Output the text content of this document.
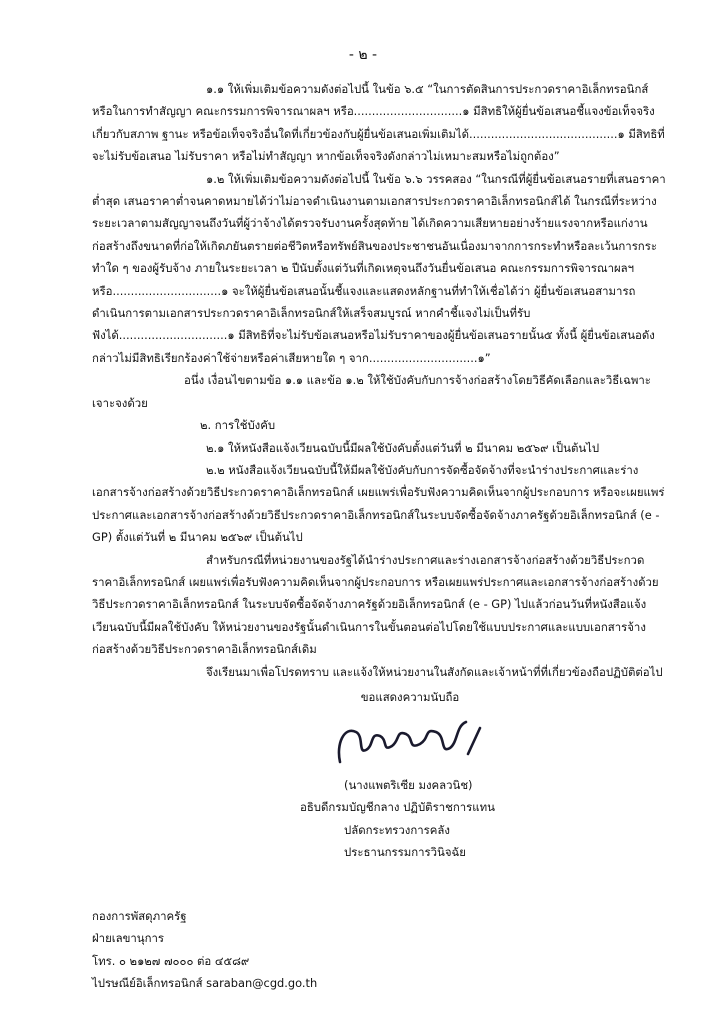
- ๒ -

๑.๑ ให้เพิ่มเติมข้อความดังต่อไปนี้ ในข้อ ๖.๕ “ในการตัดสินการประกวดราคาอิเล็กทรอนิกส์ หรือในการทำสัญญา คณะกรรมการพิจารณาผลฯ หรือ..............................๑ มีสิทธิให้ผู้ยื่นข้อเสนอชี้แจงข้อเท็จจริงเกี่ยวกับสภาพ ฐานะ หรือข้อเท็จจริงอื่นใดที่เกี่ยวข้องกับผู้ยื่นข้อเสนอเพิ่มเติมได้.........................................๑ มีสิทธิที่จะไม่รับข้อเสนอ ไม่รับราคา หรือไม่ทำสัญญา หากข้อเท็จจริงดังกล่าวไม่เหมาะสมหรือไม่ถูกต้อง”

๑.๒ ให้เพิ่มเติมข้อความดังต่อไปนี้ ในข้อ ๖.๖ วรรคสอง “ในกรณีที่ผู้ยื่นข้อเสนอรายที่เสนอราคาต่ำสุด เสนอราคาต่ำจนคาดหมายได้ว่าไม่อาจดำเนินงานตามเอกสารประกวดราคาอิเล็กทรอนิกส์ได้ ในกรณีที่ระหว่างระยะเวลาตามสัญญาจนถึงวันที่ผู้ว่าจ้างได้ตรวจรับงานครั้งสุดท้าย ได้เกิดความเสียหายอย่างร้ายแรงจากหรือแก่งานก่อสร้างถึงขนาดที่ก่อให้เกิดภยันตรายต่อชีวิตหรือทรัพย์สินของประชาชนอันเนื่องมาจากการกระทำหรือละเว้นการกระทำใด ๆ ของผู้รับจ้าง ภายในระยะเวลา ๒ ปีนับตั้งแต่วันที่เกิดเหตุจนถึงวันยื่นข้อเสนอ คณะกรรมการพิจารณาผลฯ หรือ..............................๑ จะให้ผู้ยื่นข้อเสนอนั้นชี้แจงและแสดงหลักฐานที่ทำให้เชื่อได้ว่า ผู้ยื่นข้อเสนอสามารถดำเนินการตามเอกสารประกวดราคาอิเล็กทรอนิกส์ให้เสร็จสมบูรณ์ หากคำชี้แจงไม่เป็นที่รับฟังได้..............................๑ มีสิทธิที่จะไม่รับข้อเสนอหรือไม่รับราคาของผู้ยื่นข้อเสนอรายนั้น๕ ทั้งนี้ ผู้ยื่นข้อเสนอดังกล่าวไม่มีสิทธิเรียกร้องค่าใช้จ่ายหรือค่าเสียหายใด ๆ จาก..............................๑”

อนึ่ง เงื่อนไขตามข้อ ๑.๑ และข้อ ๑.๒ ให้ใช้บังคับกับการจ้างก่อสร้างโดยวิธีคัดเลือกและวิธีเฉพาะเจาะจงด้วย

๒. การใช้บังคับ

๒.๑ ให้หนังสือแจ้งเวียนฉบับนี้มีผลใช้บังคับตั้งแต่วันที่ ๒ มีนาคม ๒๕๖๙ เป็นต้นไป

๒.๒ หนังสือแจ้งเวียนฉบับนี้ให้มีผลใช้บังคับกับการจัดซื้อจัดจ้างที่จะนำร่างประกาศและร่างเอกสารจ้างก่อสร้างด้วยวิธีประกวดราคาอิเล็กทรอนิกส์ เผยแพร่เพื่อรับฟังความคิดเห็นจากผู้ประกอบการ หรือจะเผยแพร่ประกาศและเอกสารจ้างก่อสร้างด้วยวิธีประกวดราคาอิเล็กทรอนิกส์ในระบบจัดซื้อจัดจ้างภาครัฐด้วยอิเล็กทรอนิกส์ (e - GP) ตั้งแต่วันที่ ๒ มีนาคม ๒๕๖๙ เป็นต้นไป

สำหรับกรณีที่หน่วยงานของรัฐได้นำร่างประกาศและร่างเอกสารจ้างก่อสร้างด้วยวิธีประกวดราคาอิเล็กทรอนิกส์ เผยแพร่เพื่อรับฟังความคิดเห็นจากผู้ประกอบการ หรือเผยแพร่ประกาศและเอกสารจ้างก่อสร้างด้วยวิธีประกวดราคาอิเล็กทรอนิกส์ ในระบบจัดซื้อจัดจ้างภาครัฐด้วยอิเล็กทรอนิกส์ (e - GP) ไปแล้วก่อนวันที่หนังสือแจ้งเวียนฉบับนี้มีผลใช้บังคับ ให้หน่วยงานของรัฐนั้นดำเนินการในขั้นตอนต่อไปโดยใช้แบบประกาศและแบบเอกสารจ้างก่อสร้างด้วยวิธีประกวดราคาอิเล็กทรอนิกส์เดิม

จึงเรียนมาเพื่อโปรดทราบ และแจ้งให้หน่วยงานในสังกัดและเจ้าหน้าที่ที่เกี่ยวข้องถือปฏิบัติต่อไป

ขอแสดงความนับถือ

(นางแพตริเซีย มงคลวนิช)

อธิบดีกรมบัญชีกลาง ปฏิบัติราชการแทน

ปลัดกระทรวงการคลัง

ประธานกรรมการวินิจฉัย

กองการพัสดุภาครัฐ

ฝ่ายเลขานุการ

โทร. ๐ ๒๑๒๗ ๗๐๐๐ ต่อ ๔๕๘๙

ไปรษณีย์อิเล็กทรอนิกส์ saraban@cgd.go.th
